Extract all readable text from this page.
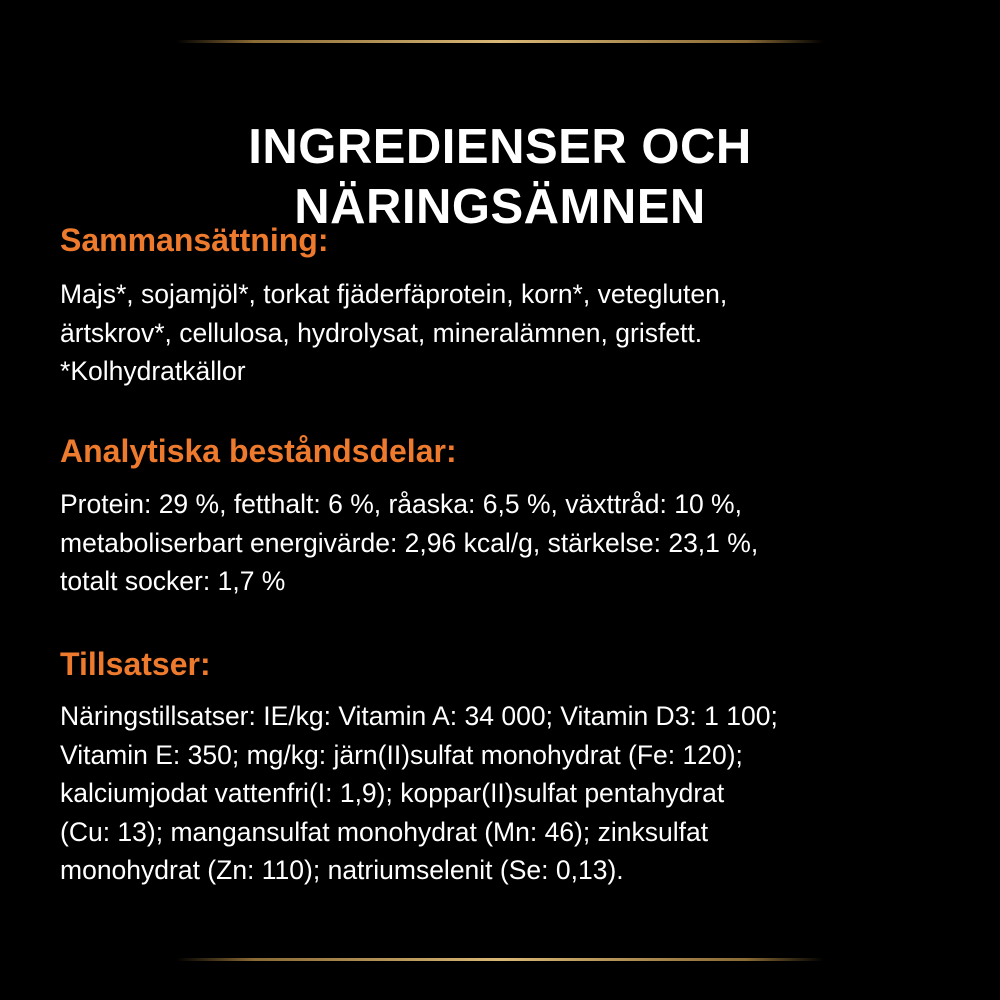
INGREDIENSER OCH
NÄRINGSÄMNEN
Sammansättning:

Majs*, sojamjöl*, torkat fjäderfäprotein, korn*, vetegluten,
ärtskrov*, cellulosa, hydrolysat, mineralämnen, grisfett.
*Kolhydratkällor

Analytiska beståndsdelar:

Protein: 29 %, fetthalt: 6 %, råaska: 6,5 %, växttråd: 10 %,
metaboliserbart energivärde: 2,96 kcal/g, stärkelse: 23,1 %,
totalt socker: 1,7 %

Tillsatser:

Näringstillsatser: IE/kg: Vitamin A: 34 000; Vitamin D3: 1 100;
Vitamin E: 350; mg/kg: järn(II)sulfat monohydrat (Fe: 120);
kalciumjodat vattenfri(I: 1,9); koppar(II)sulfat pentahydrat
(Cu: 13); mangansulfat monohydrat (Mn: 46); zinksulfat
monohydrat (Zn: 110); natriumselenit (Se: 0,13).
